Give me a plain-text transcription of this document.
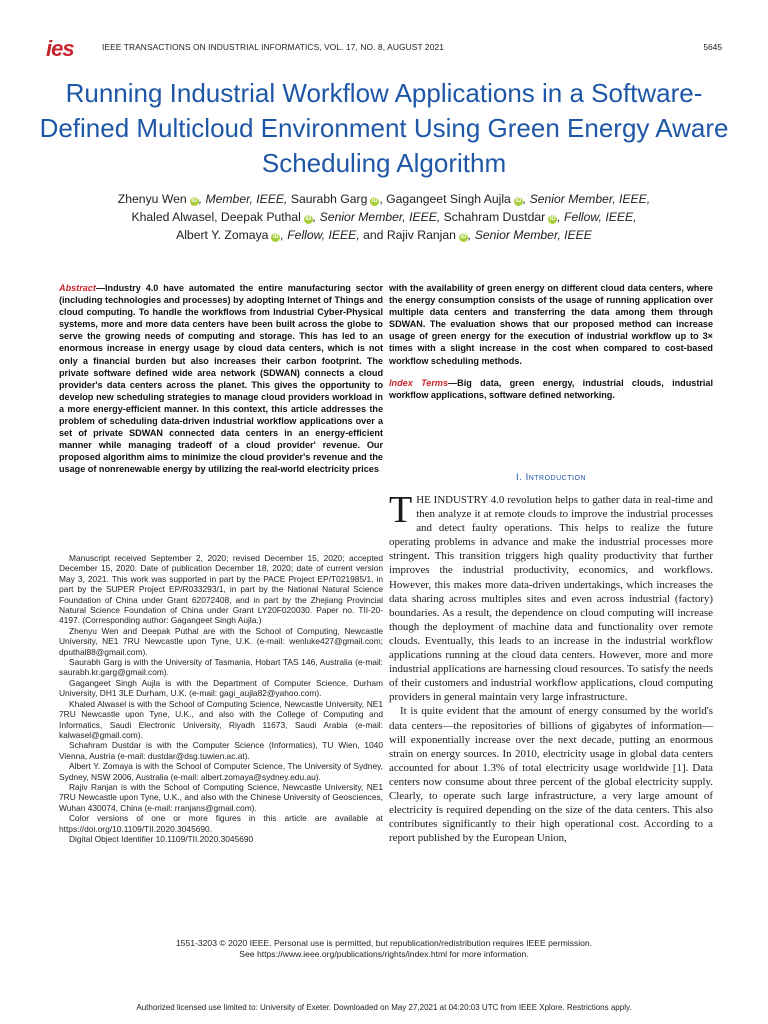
ies	IEEE TRANSACTIONS ON INDUSTRIAL INFORMATICS, VOL. 17, NO. 8, AUGUST 2021	5645
Running Industrial Workflow Applications in a Software-Defined Multicloud Environment Using Green Energy Aware Scheduling Algorithm
Zhenyu Wen iD , Member, IEEE, Saurabh Garg iD , Gagangeet Singh Aujla iD , Senior Member, IEEE,
Khaled Alwasel, Deepak Puthal iD , Senior Member, IEEE, Schahram Dustdar iD , Fellow, IEEE,
Albert Y. Zomaya iD , Fellow, IEEE, and Rajiv Ranjan iD , Senior Member, IEEE

Abstract—Industry 4.0 have automated the entire manufacturing sector (including technologies and processes) by adopting Internet of Things and cloud computing. To handle the workflows from Industrial Cyber-Physical systems, more and more data centers have been built across the globe to serve the growing needs of computing and storage. This has led to an enormous increase in energy usage by cloud data centers, which is not only a financial burden but also increases their carbon footprint. The private software defined wide area network (SDWAN) connects a cloud provider's data centers across the planet. This gives the opportunity to develop new scheduling strategies to manage cloud providers workload in a more energy-efficient manner. In this context, this article addresses the problem of scheduling data-driven industrial workflow applications over a set of private SDWAN connected data centers in an energy-efficient manner while managing tradeoff of a cloud provider' revenue. Our proposed algorithm aims to minimize the cloud provider's revenue and the usage of nonrenewable energy by utilizing the real-world electricity prices

with the availability of green energy on different cloud data centers, where the energy consumption consists of the usage of running application over multiple data centers and transferring the data among them through SDWAN. The evaluation shows that our proposed method can increase usage of green energy for the execution of industrial workflow up to 3× times with a slight increase in the cost when compared to cost-based workflow scheduling methods.

Index Terms—Big data, green energy, industrial clouds, industrial workflow applications, software defined networking.

Manuscript received September 2, 2020; revised December 15, 2020; accepted December 15, 2020. Date of publication December 18, 2020; date of current version May 3, 2021. This work was supported in part by the PACE Project EP/T021985/1, in part by the SUPER Project EP/R033293/1, in part by the National Natural Science Foundation of China under Grant 62072408, and in part by the Zhejiang Provincial Natural Science Foundation of China under Grant LY20F020030. Paper no. TII-20-4197. (Corresponding author: Gagangeet Singh Aujla.)

Zhenyu Wen and Deepak Puthal are with the School of Computing, Newcastle University, NE1 7RU Newcastle upon Tyne, U.K. (e-mail: wenluke427@gmail.com; dputhal88@gmail.com).

Saurabh Garg is with the University of Tasmania, Hobart TAS 146, Australia (e-mail: saurabh.kr.garg@gmail.com).

Gagangeet Singh Aujla is with the Department of Computer Science, Durham University, DH1 3LE Durham, U.K. (e-mail: gagi_aujla82@yahoo.com).

Khaled Alwasel is with the School of Computing Science, Newcastle University, NE1 7RU Newcastle upon Tyne, U.K., and also with the College of Computing and Informatics, Saudi Electronic University, Riyadh 11673, Saudi Arabia (e-mail: kalwasel@gmail.com).

Schahram Dustdar is with the Computer Science (Informatics), TU Wien, 1040 Vienna, Austria (e-mail: dustdar@dsg.tuwien.ac.at).

Albert Y. Zomaya is with the School of Computer Science, The University of Sydney, Sydney, NSW 2006, Australia (e-mail: albert.zomaya@sydney.edu.au).

Rajiv Ranjan is with the School of Computing Science, Newcastle University, NE1 7RU Newcastle upon Tyne, U.K., and also with the Chinese University of Geosciences, Wuhan 430074, China (e-mail: rranjans@gmail.com).

Color versions of one or more figures in this article are available at https://doi.org/10.1109/TII.2020.3045690.

Digital Object Identifier 10.1109/TII.2020.3045690

I. Introduction

THE INDUSTRY 4.0 revolution helps to gather data in real-time and then analyze it at remote clouds to improve the industrial processes and detect faulty operations. This helps to realize the future operating problems in advance and make the industrial processes more stringent. This transition triggers high quality productivity that further improves the industrial productivity, economics, and workflows. However, this makes more data-driven undertakings, which increases the data sharing across multiples sites and even across industrial (factory) boundaries. As a result, the dependence on cloud computing will increase though the deployment of machine data and functionality over remote clouds. Eventually, this leads to an increase in the industrial workflow applications running at the cloud data centers. However, more and more industrial applications are harnessing cloud resources. To satisfy the needs of their customers and industrial workflow applications, cloud computing providers in general maintain very large infrastructure.

It is quite evident that the amount of energy consumed by the world's data centers—the repositories of billions of gigabytes of information—will exponentially increase over the next decade, putting an enormous strain on energy sources. In 2010, electricity usage in global data centers accounted for about 1.3% of total electricity usage worldwide [1]. Data centers now consume about three percent of the global electricity supply. Clearly, to operate such large infrastructure, a very large amount of electricity is required depending on the size of the data centers. This also contributes significantly to their high operational cost. According to a report published by the European Union,

1551-3203 © 2020 IEEE. Personal use is permitted, but republication/redistribution requires IEEE permission.
See https://www.ieee.org/publications/rights/index.html for more information.
Authorized licensed use limited to: University of Exeter. Downloaded on May 27,2021 at 04:20:03 UTC from IEEE Xplore. Restrictions apply.
